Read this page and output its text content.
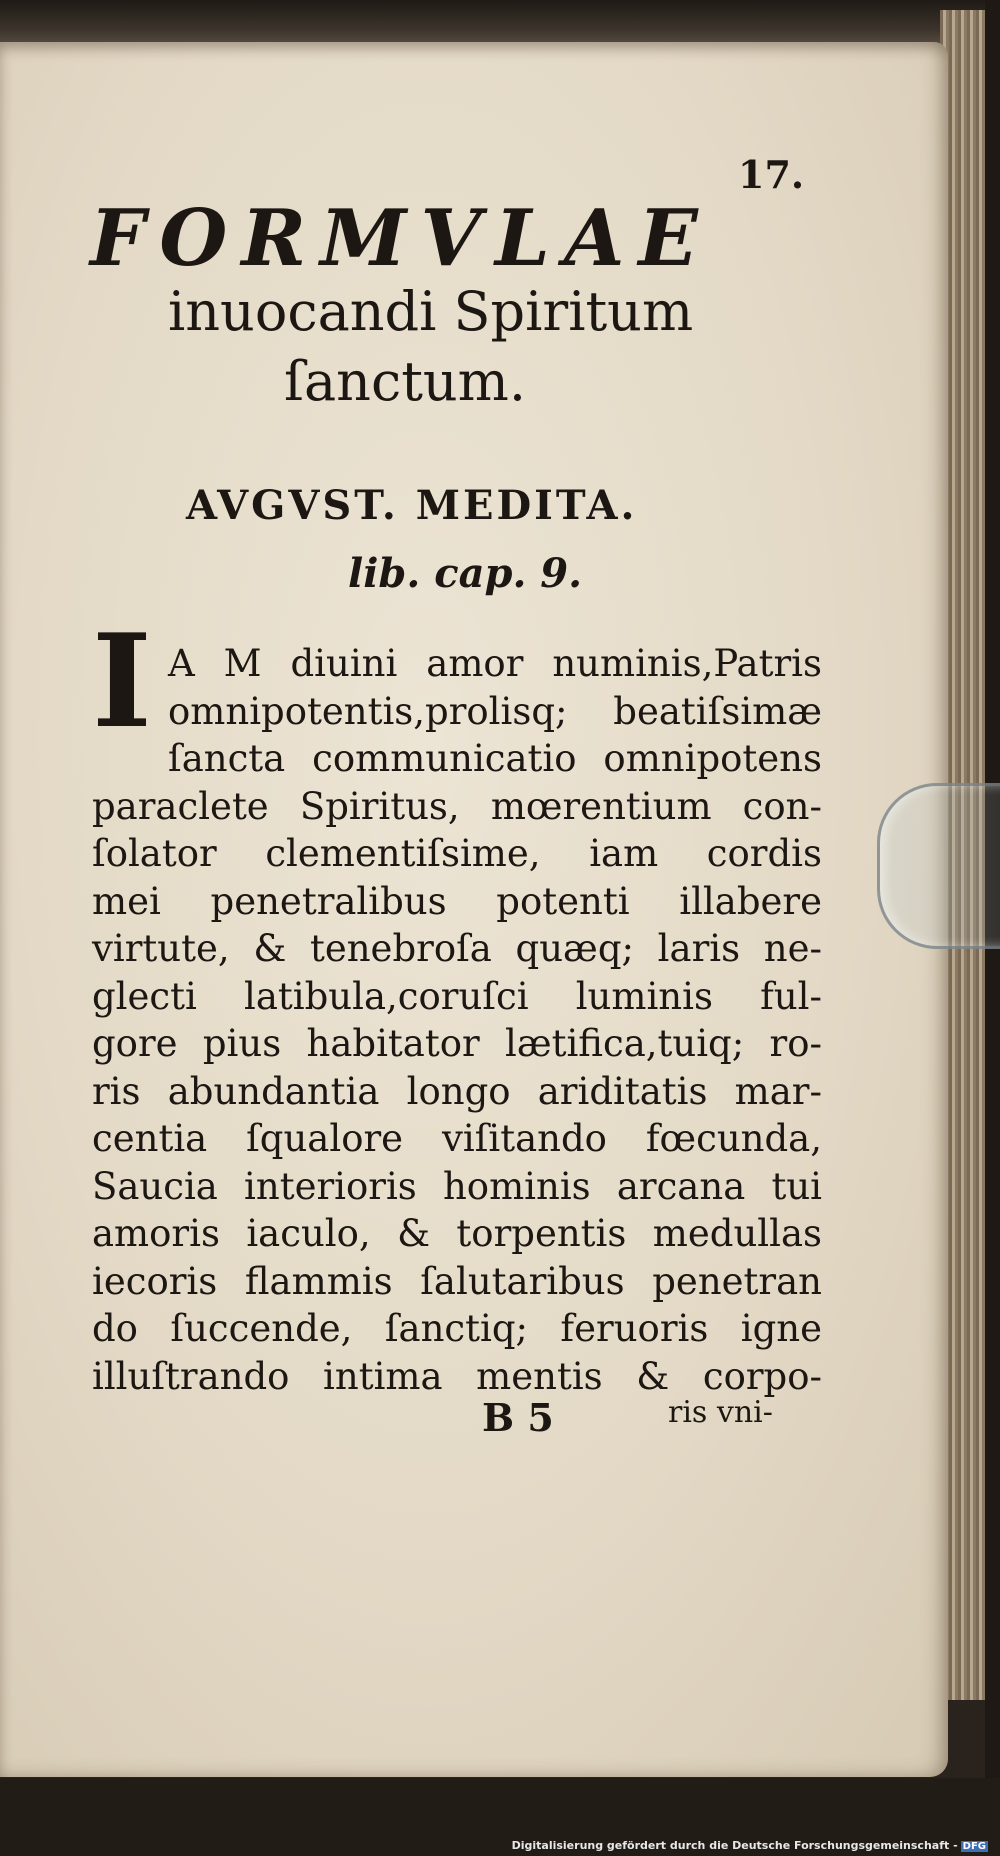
17.
FORMVLAE
inuocandi Spiritum
ſanctum.
AVGVST. MEDITA.
lib. cap. 9.
I A M diuini amor numinis,Patris
omnipotentis,prolisq; beatiſsimæ
ſancta communicatio omnipotens
paraclete Spiritus, mœrentium con-
ſolator clementiſsime, iam cordis
mei penetralibus potenti illabere
virtute, & tenebroſa quæq; laris ne-
glecti latibula,coruſci luminis ful-
gore pius habitator lætifica,tuiq; ro-
ris abundantia longo ariditatis mar-
centia ſqualore viſitando fœcunda,
Saucia interioris hominis arcana tui
amoris iaculo, & torpentis medullas
iecoris flammis ſalutaribus penetran
do ſuccende, ſanctiq; feruoris igne
illuſtrando intima mentis & corpo-
B 5	ris vni-
Digitalisierung gefördert durch die Deutsche Forschungsgemeinschaft - DFG
